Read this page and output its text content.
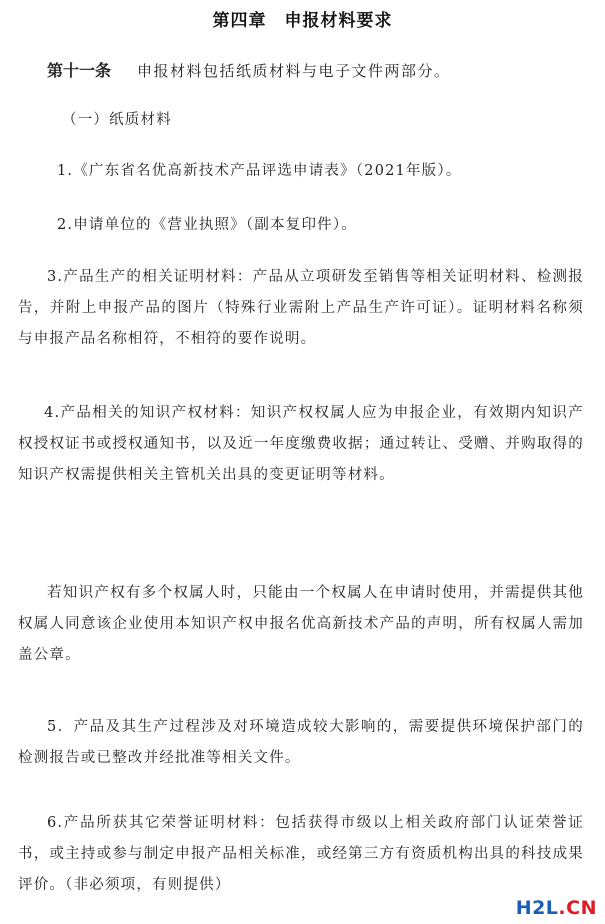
第四章　申报材料要求
第十一条 申报材料包括纸质材料与电子文件两部分。
（一）纸质材料
1.《广东省名优高新技术产品评选申请表》（2021年版）。
2.申请单位的《营业执照》（副本复印件）。
3.产品生产的相关证明材料：产品从立项研发至销售等相关证明材料、检测报告，并附上申报产品的图片（特殊行业需附上产品生产许可证）。证明材料名称须与申报产品名称相符，不相符的要作说明。
4.产品相关的知识产权材料：知识产权权属人应为申报企业，有效期内知识产权授权证书或授权通知书，以及近一年度缴费收据；通过转让、受赠、并购取得的知识产权需提供相关主管机关出具的变更证明等材料。
若知识产权有多个权属人时，只能由一个权属人在申请时使用，并需提供其他权属人同意该企业使用本知识产权申报名优高新技术产品的声明，所有权属人需加盖公章。
5．产品及其生产过程涉及对环境造成较大影响的，需要提供环境保护部门的检测报告或已整改并经批准等相关文件。
6.产品所获其它荣誉证明材料：包括获得市级以上相关政府部门认证荣誉证书，或主持或参与制定申报产品相关标准，或经第三方有资质机构出具的科技成果评价。（非必须项，有则提供）
H2L.CN
